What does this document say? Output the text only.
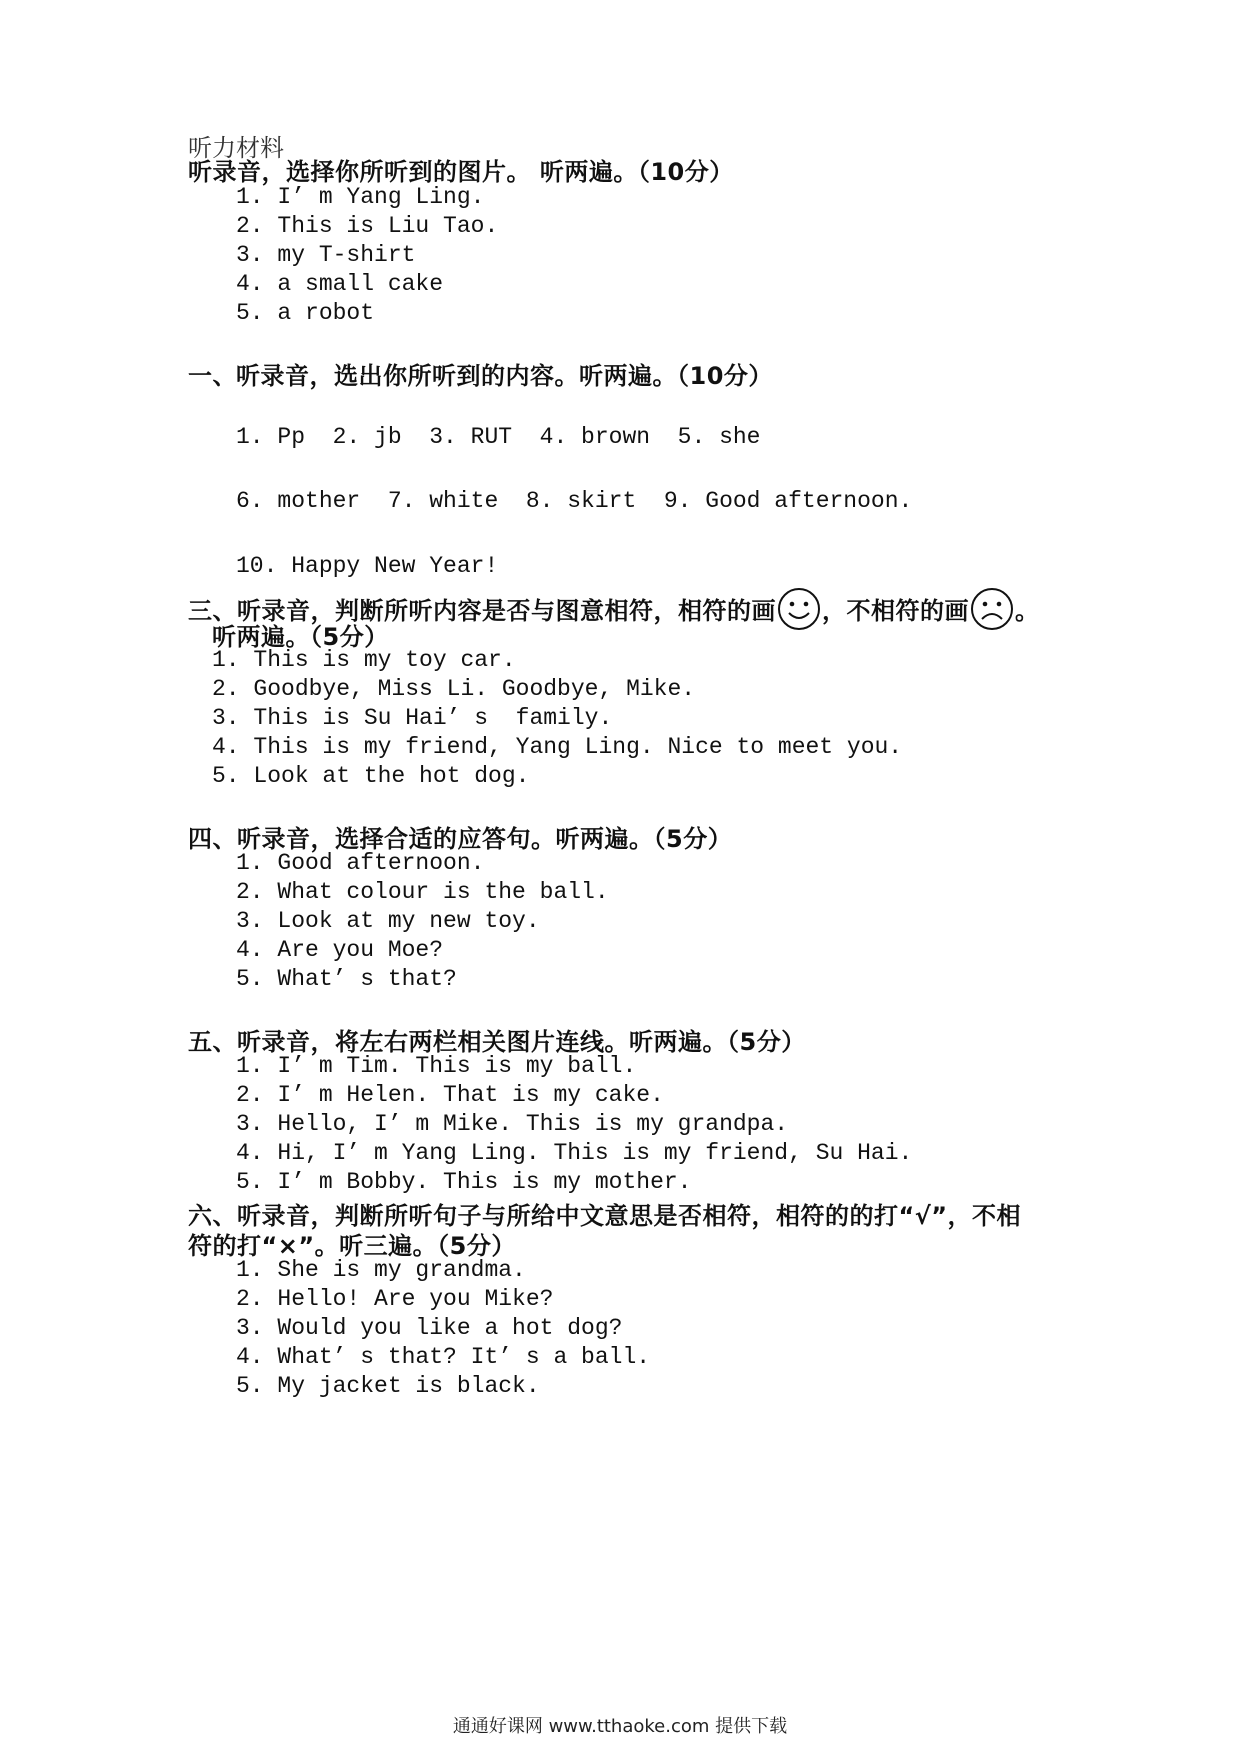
听力材料
听录音，选择你所听到的图片。 听两遍。（10分）
1. I’ m Yang Ling.
2. This is Liu Tao.
3. my T-shirt
4. a small cake
5. a robot
一、 听录音，选出你所听到的内容。听两遍。（10分）
1. Pp  2. jb  3. RUT  4. brown  5. she
6. mother  7. white  8. skirt  9. Good afternoon.
10. Happy New Year!
三、听录音，判断所听内容是否与图意相符，相符的画 ，不相符的画 。
听两遍。（5分）
1. This is my toy car.
2. Goodbye, Miss Li. Goodbye, Mike.
3. This is Su Hai’ s  family.
4. This is my friend, Yang Ling. Nice to meet you.
5. Look at the hot dog.
四、听录音，选择合适的应答句。听两遍。（5分）
1. Good afternoon.
2. What colour is the ball.
3. Look at my new toy.
4. Are you Moe?
5. What’ s that?
五、听录音，将左右两栏相关图片连线。听两遍。（5分）
1. I’ m Tim. This is my ball.
2. I’ m Helen. That is my cake.
3. Hello, I’ m Mike. This is my grandpa.
4. Hi, I’ m Yang Ling. This is my friend, Su Hai.
5. I’ m Bobby. This is my mother.
六、听录音，判断所听句子与所给中文意思是否相符，相符的的打“√”，不相
符的打“×”。听三遍。（5分）
1. She is my grandma.
2. Hello! Are you Mike?
3. Would you like a hot dog?
4. What’ s that? It’ s a ball.
5. My jacket is black.
通通好课网 www.tthaoke.com 提供下载
